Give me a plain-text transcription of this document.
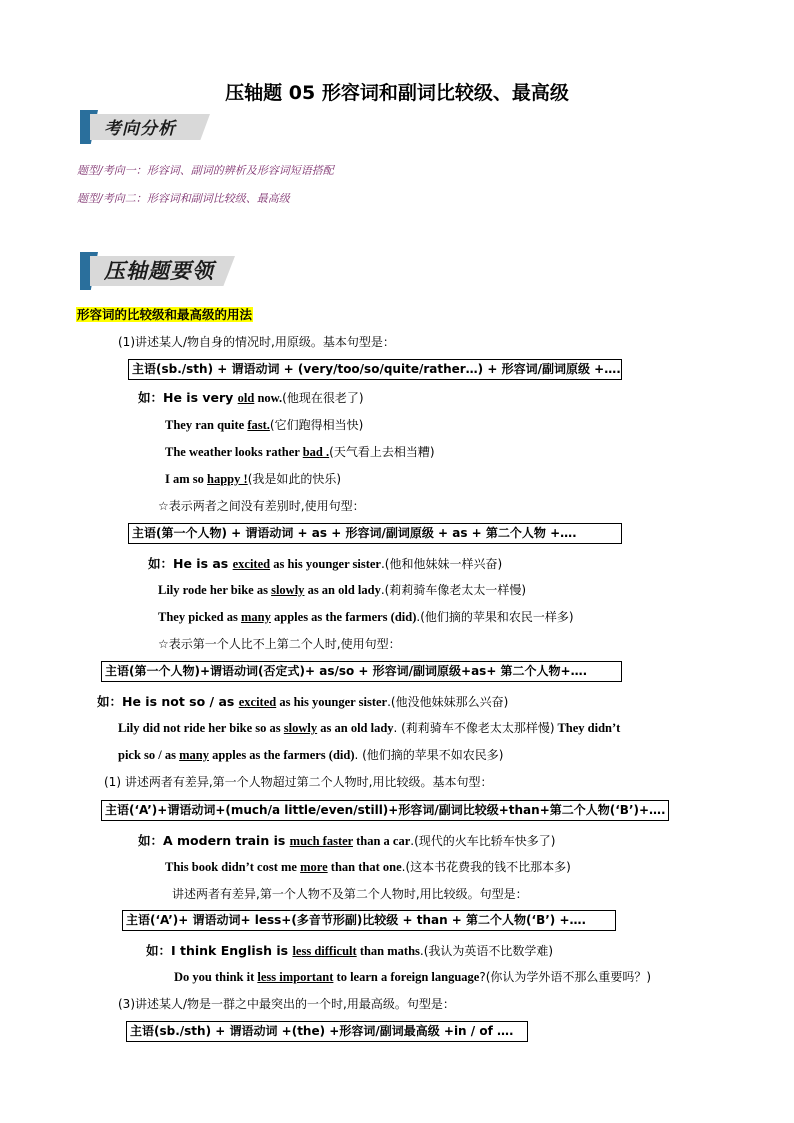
压轴题 05 形容词和副词比较级、最高级
考向分析
题型/考向一：形容词、副词的辨析及形容词短语搭配
题型/考向二：形容词和副词比较级、最高级
压轴题要领
形容词的比较级和最高级的用法
(1)讲述某人/物自身的情况时,用原级。基本句型是：
主语(sb./sth) + 谓语动词 + (very/too/so/quite/rather…) + 形容词/副词原级 +….
如：He is very old now.(他现在很老了)
They ran quite fast.(它们跑得相当快)
The weather looks rather bad .(天气看上去相当糟)
I am so happy !(我是如此的快乐)
☆表示两者之间没有差别时,使用句型：
主语(第一个人物) + 谓语动词 + as + 形容词/副词原级 + as + 第二个人物 +….
如：He is as excited as his younger sister.(他和他妹妹一样兴奋)
Lily rode her bike as slowly as an old lady.(莉莉骑车像老太太一样慢)
They picked as many apples as the farmers (did).(他们摘的苹果和农民一样多)
☆表示第一个人比不上第二个人时,使用句型：
主语(第一个人物)+谓语动词(否定式)+ as/so + 形容词/副词原级+as+ 第二个人物+….
如：He is not so / as excited as his younger sister.(他没他妹妹那么兴奋)
Lily did not ride her bike so as slowly as an old lady. (莉莉骑车不像老太太那样慢) They didn’t
pick so / as many apples as the farmers (did). (他们摘的苹果不如农民多)
(1) 讲述两者有差异,第一个人物超过第二个人物时,用比较级。基本句型：
主语(‘A’)+谓语动词+(much/a little/even/still)+形容词/副词比较级+than+第二个人物(‘B’)+….
如：A modern train is much faster than a car.(现代的火车比轿车快多了)
This book didn’t cost me more than that one.(这本书花费我的钱不比那本多)
讲述两者有差异,第一个人物不及第二个人物时,用比较级。句型是：
主语(‘A’)+ 谓语动词+ less+(多音节形副)比较级 + than + 第二个人物(‘B’) +….
如：I think English is less difficult than maths.(我认为英语不比数学难)
Do you think it less important to learn a foreign language?(你认为学外语不那么重要吗？)
(3)讲述某人/物是一群之中最突出的一个时,用最高级。句型是：
主语(sb./sth) + 谓语动词 +(the) +形容词/副词最高级 +in / of ….
